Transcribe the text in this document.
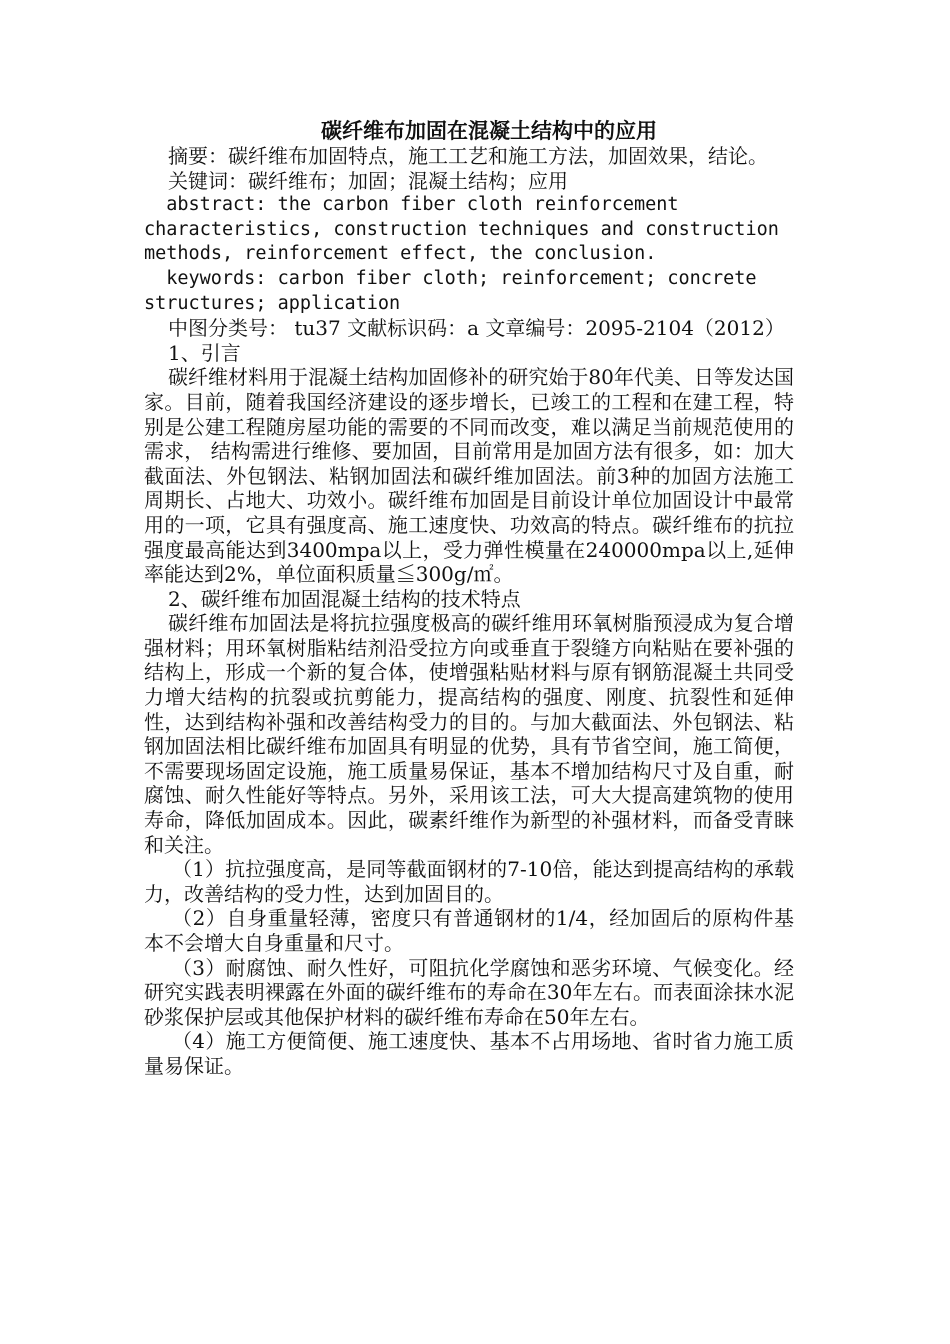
碳纤维布加固在混凝土结构中的应用

摘要：碳纤维布加固特点，施工工艺和施工方法，加固效果，结论。

关键词：碳纤维布；加固；混凝土结构；应用

abstract: the carbon fiber cloth reinforcement characteristics, construction techniques and construction methods, reinforcement effect, the conclusion.

keywords: carbon fiber cloth; reinforcement; concrete structures; application

中图分类号： tu37 文献标识码：a 文章编号：2095-2104（2012）

1、引言

碳纤维材料用于混凝土结构加固修补的研究始于80年代美、日等发达国家。目前，随着我国经济建设的逐步增长，已竣工的工程和在建工程，特别是公建工程随房屋功能的需要的不同而改变，难以满足当前规范使用的需求， 结构需进行维修、要加固，目前常用是加固方法有很多，如：加大截面法、外包钢法、粘钢加固法和碳纤维加固法。前3种的加固方法施工周期长、占地大、功效小。碳纤维布加固是目前设计单位加固设计中最常用的一项，它具有强度高、施工速度快、功效高的特点。碳纤维布的抗拉强度最高能达到3400mpa以上，受力弹性模量在240000mpa以上,延伸率能达到2%，单位面积质量≦300g/㎡。

2、碳纤维布加固混凝土结构的技术特点

碳纤维布加固法是将抗拉强度极高的碳纤维用环氧树脂预浸成为复合增强材料；用环氧树脂粘结剂沿受拉方向或垂直于裂缝方向粘贴在要补强的结构上，形成一个新的复合体，使增强粘贴材料与原有钢筋混凝土共同受力增大结构的抗裂或抗剪能力，提高结构的强度、刚度、抗裂性和延伸性，达到结构补强和改善结构受力的目的。与加大截面法、外包钢法、粘钢加固法相比碳纤维布加固具有明显的优势，具有节省空间，施工简便，不需要现场固定设施，施工质量易保证，基本不增加结构尺寸及自重，耐腐蚀、耐久性能好等特点。另外，采用该工法，可大大提高建筑物的使用寿命，降低加固成本。因此，碳素纤维作为新型的补强材料，而备受青睐和关注。

（1）抗拉强度高，是同等截面钢材的7-10倍，能达到提高结构的承载力，改善结构的受力性，达到加固目的。

（2）自身重量轻薄，密度只有普通钢材的1/4，经加固后的原构件基本不会增大自身重量和尺寸。

（3）耐腐蚀、耐久性好，可阻抗化学腐蚀和恶劣环境、气候变化。经研究实践表明裸露在外面的碳纤维布的寿命在30年左右。而表面涂抹水泥砂浆保护层或其他保护材料的碳纤维布寿命在50年左右。

（4）施工方便简便、施工速度快、基本不占用场地、省时省力施工质量易保证。
